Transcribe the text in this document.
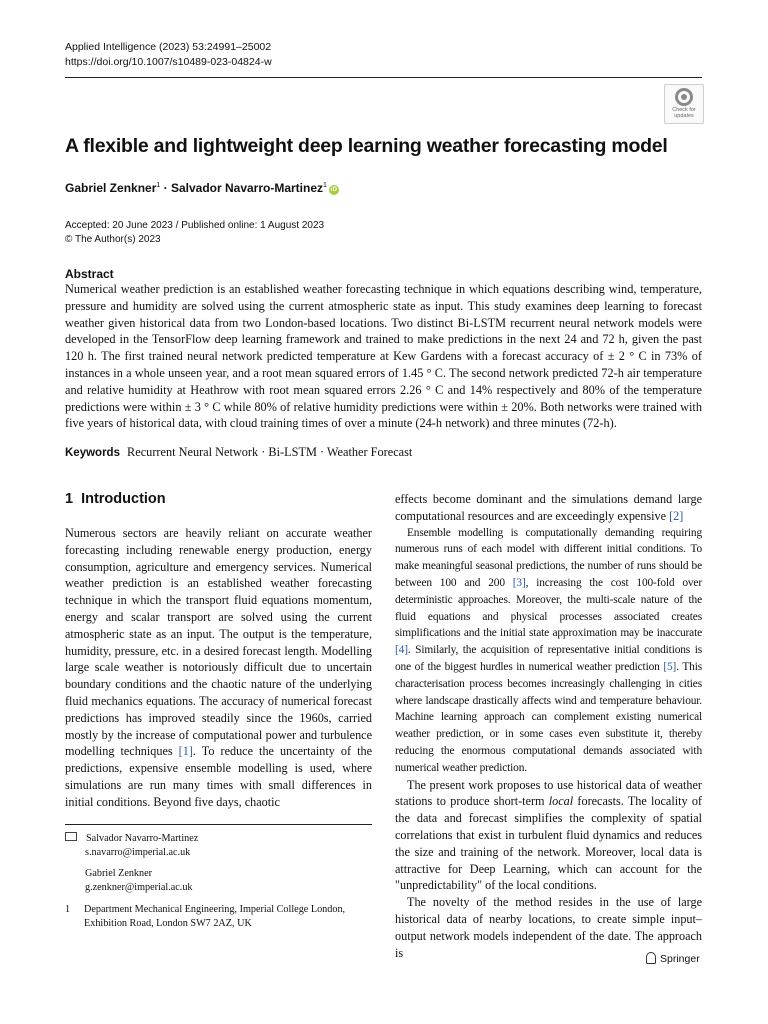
Applied Intelligence (2023) 53:24991–25002
https://doi.org/10.1007/s10489-023-04824-w
Check for updates
A flexible and lightweight deep learning weather forecasting model
Gabriel Zenkner$^1$ · Salvador Navarro-Martinez$^1$iD
Accepted: 20 June 2023 / Published online: 1 August 2023
© The Author(s) 2023
Abstract
Numerical weather prediction is an established weather forecasting technique in which equations describing wind, temperature, pressure and humidity are solved using the current atmospheric state as input. This study examines deep learning to forecast weather given historical data from two London-based locations. Two distinct Bi-LSTM recurrent neural network models were developed in the TensorFlow deep learning framework and trained to make predictions in the next 24 and 72 h, given the past 120 h. The first trained neural network predicted temperature at Kew Gardens with a forecast accuracy of ± 2 ° C in 73% of instances in a whole unseen year, and a root mean squared errors of 1.45 ° C. The second network predicted 72-h air temperature and relative humidity at Heathrow with root mean squared errors 2.26 ° C and 14% respectively and 80% of the temperature predictions were within ± 3 ° C while 80% of relative humidity predictions were within ± 20%. Both networks were trained with five years of historical data, with cloud training times of over a minute (24-h network) and three minutes (72-h).
Keywords Recurrent Neural Network · Bi-LSTM · Weather Forecast
1 Introduction

Numerous sectors are heavily reliant on accurate weather forecasting including renewable energy production, energy consumption, agriculture and emergency services. Numerical weather prediction is an established weather forecasting technique in which the transport fluid equations momentum, energy and scalar transport are solved using the current atmospheric state as an input. The output is the temperature, humidity, pressure, etc. in a desired forecast length. Modelling large scale weather is notoriously difficult due to uncertain boundary conditions and the chaotic nature of the underlying fluid mechanics equations. The accuracy of numerical forecast predictions has improved steadily since the 1960s, carried mostly by the increase of computational power and turbulence modelling techniques [1]. To reduce the uncertainty of the predictions, expensive ensemble modelling is used, where simulations are run many times with small differences in initial conditions. Beyond five days, chaotic

effects become dominant and the simulations demand large computational resources and are exceedingly expensive [2]

Ensemble modelling is computationally demanding requiring numerous runs of each model with different initial conditions. To make meaningful seasonal predictions, the number of runs should be between 100 and 200 [3], increasing the cost 100-fold over deterministic approaches. Moreover, the multi-scale nature of the fluid equations and physical processes associated creates simplifications and the initial state approximation may be inaccurate [4]. Similarly, the acquisition of representative initial conditions is one of the biggest hurdles in numerical weather prediction [5]. This characterisation process becomes increasingly challenging in cities where landscape drastically affects wind and temperature behaviour. Machine learning approach can complement existing numerical weather prediction, or in some cases even substitute it, thereby reducing the enormous computational demands associated with numerical weather prediction.

The present work proposes to use historical data of weather stations to produce short-term local forecasts. The locality of the data and forecast simplifies the complexity of spatial correlations that exist in turbulent fluid dynamics and reduces the size and training of the network. Moreover, local data is attractive for Deep Learning, which can account for the "unpredictability" of the local conditions.

The novelty of the method resides in the use of large historical data of nearby locations, to create simple input–output network models independent of the date. The approach is

Salvador Navarro-Martinez
s.navarro@imperial.ac.uk
Gabriel Zenkner
g.zenkner@imperial.ac.uk
1 Department Mechanical Engineering, Imperial College London, Exhibition Road, London SW7 2AZ, UK
Springer
